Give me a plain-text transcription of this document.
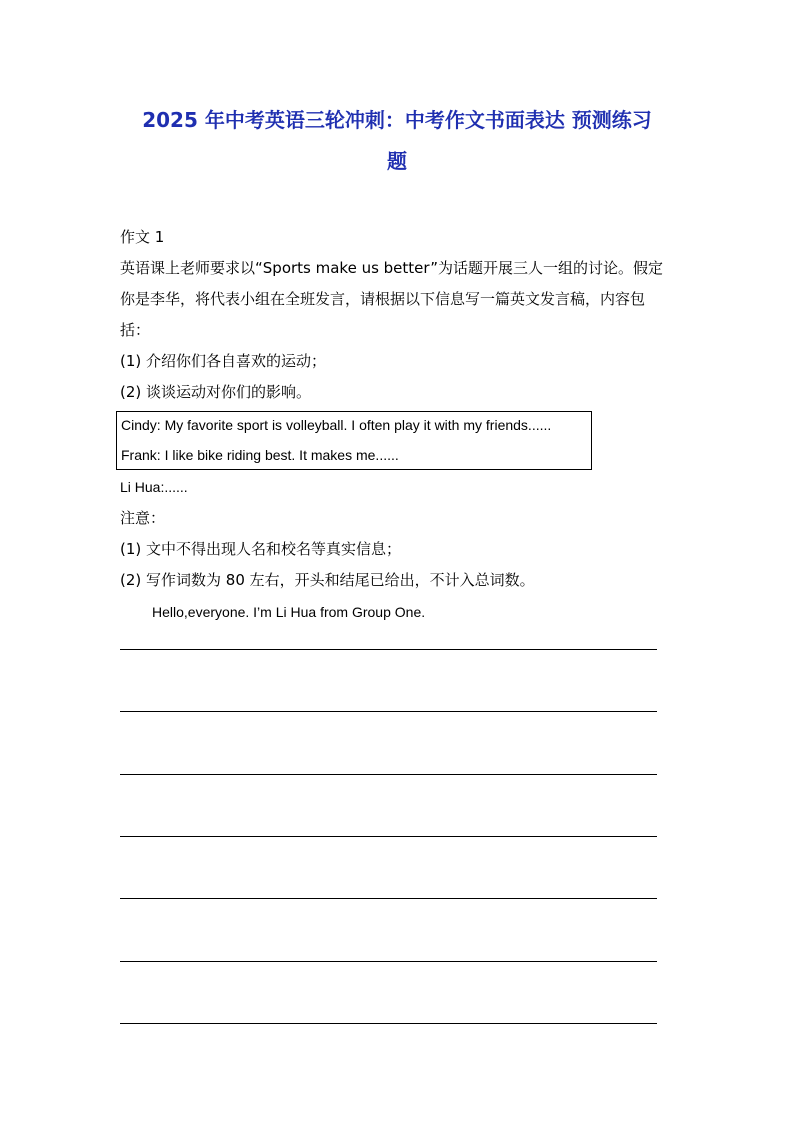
2025 年中考英语三轮冲刺：中考作文书面表达 预测练习
题
作文 1
英语课上老师要求以“Sports make us better”为话题开展三人一组的讨论。假定
你是李华，将代表小组在全班发言，请根据以下信息写一篇英文发言稿，内容包
括：
(1) 介绍你们各自喜欢的运动；
(2) 谈谈运动对你们的影响。
Cindy: My favorite sport is volleyball. I often play it with my friends......
Frank: I like bike riding best. It makes me......
Li Hua:......
注意：
(1) 文中不得出现人名和校名等真实信息；
(2) 写作词数为 80 左右，开头和结尾已给出，不计入总词数。
Hello,everyone. I’m Li Hua from Group One.
